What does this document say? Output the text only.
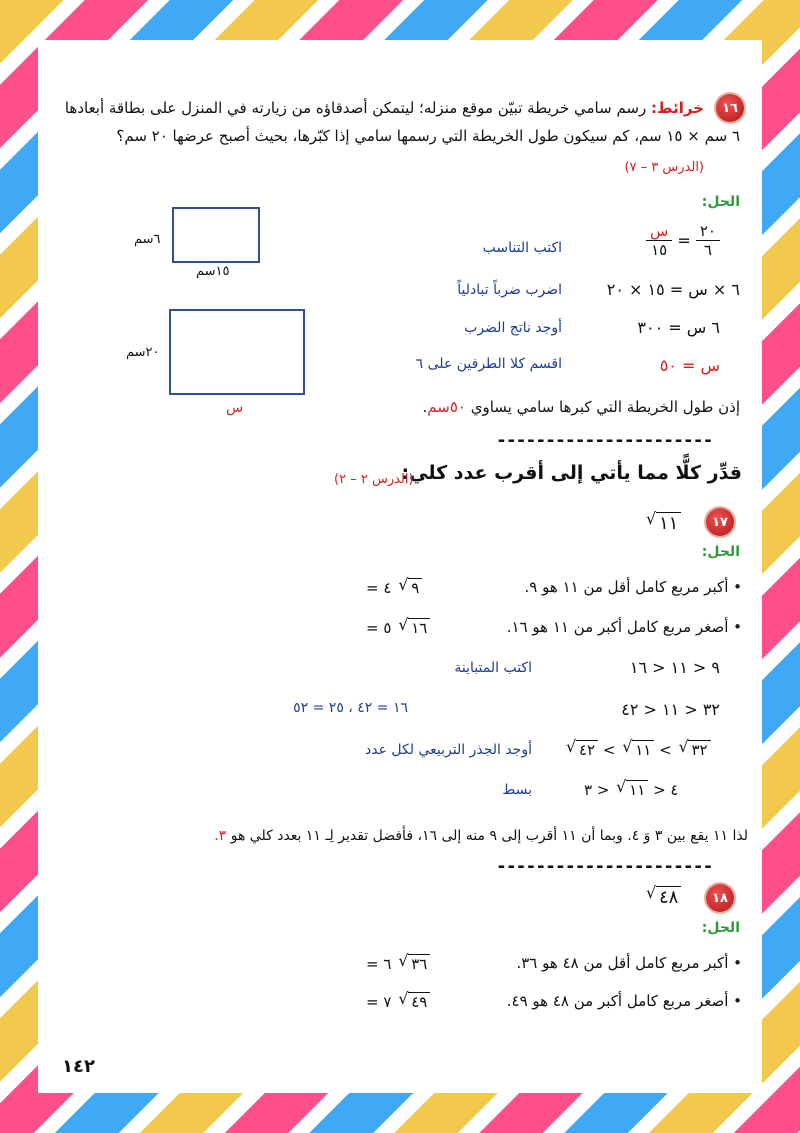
١٦
خرائط: رسم سامي خريطة تبيّن موقع منزله؛ ليتمكن أصدقاؤه من زيارته في المنزل على بطاقة أبعادها
٦ سم × ١٥ سم، كم سيكون طول الخريطة التي رسمها سامي إذا كبّرها، بحيث أصبح عرضها ٢٠ سم؟
(الدرس ٣ – ٧)
الحل:
٦سم
١٥سم
٢٠سم
س
$\frac{\text{س}}{١٥} = \frac{٢٠}{٦}$
اكتب التناسب
٦ × س = ١٥ × ٢٠
اضرب ضرباً تبادلياً
٦ س = ٣٠٠
أوجد ناتج الضرب
س = ٥٠
اقسم كلا الطرفين على ٦
إذن طول الخريطة التي كبرها سامي يساوي ٥٠سم.
----------------------
قدِّر كلًّا مما يأتي إلى أقرب عدد كلي:
(الدرس ٢ – ٢)
١٧
١١ √
الحل:
• أكبر مربع كامل أقل من ١١ هو ٩.
= ٤ ٩ √
• أصغر مربع كامل أكبر من ١١ هو ١٦.
= ٥ ١٦ √
٩ < ١١ < ١٦
اكتب المتباينة
٣٢ < ١١ < ٤٢
١٦ = ٤٢ ، ٢٥ = ٥٢
٤٢ √ < ١١ √ < ٣٢ √
أوجد الجذر التربيعي لكل عدد
٤ < ١١ √ < ٣
بسط
لذا ١١ يقع بين ٣ وَ ٤. وبما أن ١١ أقرب إلى ٩ منه إلى ١٦، فأفضل تقدير لِـ ١١ بعدد كلي هو ٣.
----------------------
١٨
٤٨ √
الحل:
• أكبر مربع كامل أقل من ٤٨ هو ٣٦.
= ٦ ٣٦ √
• أصغر مربع كامل أكبر من ٤٨ هو ٤٩.
= ٧ ٤٩ √
١٤٢
